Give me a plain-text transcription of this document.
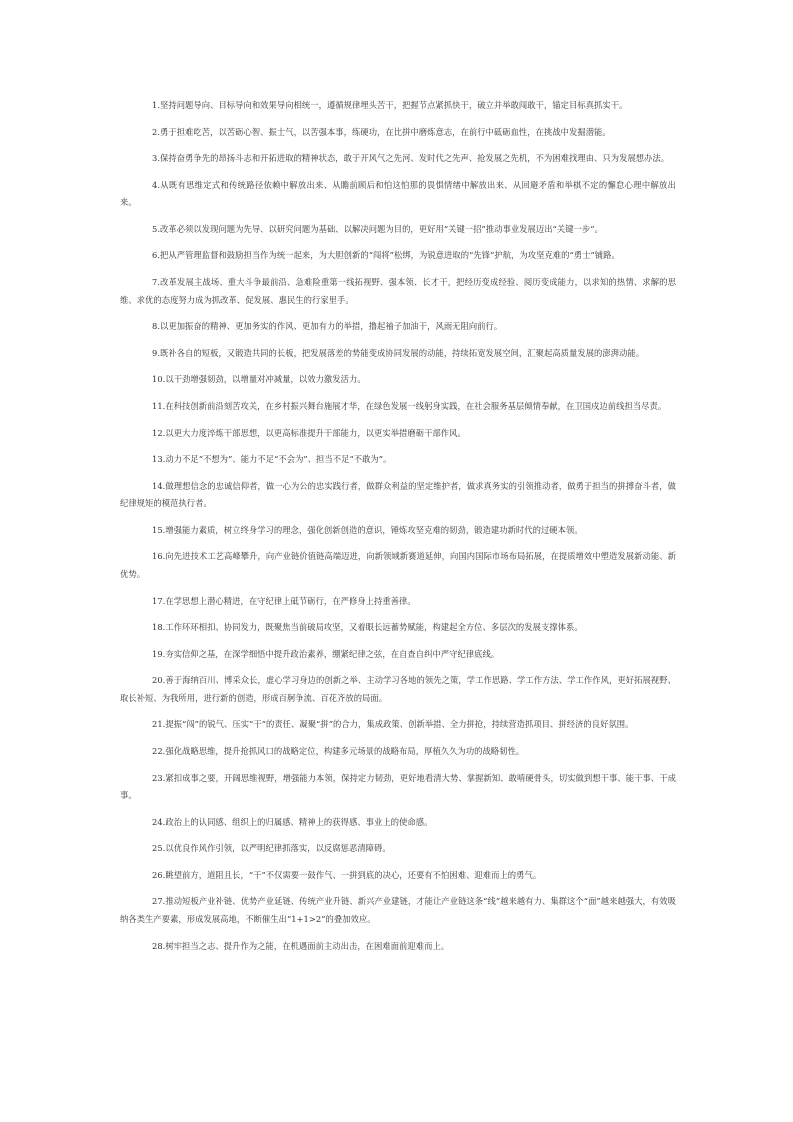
1.坚持问题导向、目标导向和效果导向相统一，遵循规律埋头苦干，把握节点紧抓快干，破立并举敢闯敢干，锚定目标真抓实干。

2.勇于担难吃苦，以苦砺心智、振士气，以苦强本事，练硬功，在比拼中磨炼意志，在前行中砥砺血性，在挑战中发掘潜能。

3.保持奋勇争先的昂扬斗志和开拓进取的精神状态，敢于开风气之先河、发时代之先声、抢发展之先机，不为困难找理由、只为发展想办法。

4.从既有思维定式和传统路径依赖中解放出来、从瞻前顾后和怕这怕那的畏惧情绪中解放出来、从回避矛盾和举棋不定的懈怠心理中解放出来。

5.改革必须以发现问题为先导、以研究问题为基础、以解决问题为目的，更好用“关键一招”推动事业发展迈出“关键一步”。

6.把从严管理监督和鼓励担当作为统一起来，为大胆创新的“闯将”松绑，为锐意进取的“先锋”护航，为攻坚克难的“勇士”铺路。

7.改革发展主战场、重大斗争最前沿、急难险重第一线拓视野、强本领、长才干，把经历变成经验、阅历变成能力，以求知的热情、求解的思维、求优的态度努力成为抓改革、促发展、惠民生的行家里手。

8.以更加振奋的精神、更加务实的作风、更加有力的举措，撸起袖子加油干，风雨无阻向前行。

9.既补各自的短板，又锻造共同的长板，把发展落差的势能变成协同发展的动能，持续拓宽发展空间，汇聚起高质量发展的澎湃动能。

10.以干劲增强韧劲，以增量对冲减量，以效力激发活力。

11.在科技创新前沿刻苦攻关，在乡村振兴舞台施展才华，在绿色发展一线躬身实践，在社会服务基层倾情奉献，在卫国戍边前线担当尽责。

12.以更大力度淬炼干部思想，以更高标准提升干部能力，以更实举措磨砺干部作风。

13.动力不足“不想为”、能力不足“不会为”、担当不足“不敢为”。

14.做理想信念的忠诚信仰者，做一心为公的忠实践行者，做群众利益的坚定维护者，做求真务实的引领推动者，做勇于担当的拼搏奋斗者，做纪律规矩的模范执行者。

15.增强能力素质，树立终身学习的理念，强化创新创造的意识，锤炼攻坚克难的韧劲，锻造建功新时代的过硬本领。

16.向先进技术工艺高峰攀升，向产业链价值链高端迈进，向新领域新赛道延伸，向国内国际市场布局拓展，在提质增效中塑造发展新动能、新优势。

17.在学思想上潜心精进，在守纪律上砥节砺行，在严修身上持重善律。

18.工作环环相扣、协同发力，既聚焦当前破局攻坚，又着眼长远蓄势赋能，构建起全方位、多层次的发展支撑体系。

19.夯实信仰之基，在深学细悟中提升政治素养，绷紧纪律之弦，在自查自纠中严守纪律底线。

20.善于海纳百川、博采众长，虚心学习身边的创新之举、主动学习各地的领先之策，学工作思路、学工作方法、学工作作风，更好拓展视野、取长补短、为我所用，进行新的创造，形成百舸争流、百花齐放的局面。

21.提振“闯”的锐气、压实“干”的责任、凝聚“拼”的合力，集成政策、创新举措、全力拼抢，持续营造抓项目、拼经济的良好氛围。

22.强化战略思维，提升抢抓风口的战略定位，构建多元场景的战略布局，厚植久久为功的战略韧性。

23.紧扣成事之要，开阔思维视野，增强能力本领，保持定力韧劲，更好地看清大势、掌握新知、敢啃硬骨头，切实做到想干事、能干事、干成事。

24.政治上的认同感、组织上的归属感、精神上的获得感、事业上的使命感。

25.以优良作风作引领，以严明纪律抓落实，以反腐惩恶清障碍。

26.眺望前方，道阻且长，“干”不仅需要一鼓作气、一拼到底的决心，还要有不怕困难、迎难而上的勇气。

27.推动短板产业补链、优势产业延链、传统产业升链、新兴产业建链，才能让产业链这条“线”越来越有力、集群这个“面”越来越强大，有效吸纳各类生产要素，形成发展高地，不断催生出“1+1>2”的叠加效应。

28.树牢担当之志、提升作为之能，在机遇面前主动出击，在困难面前迎难而上。
